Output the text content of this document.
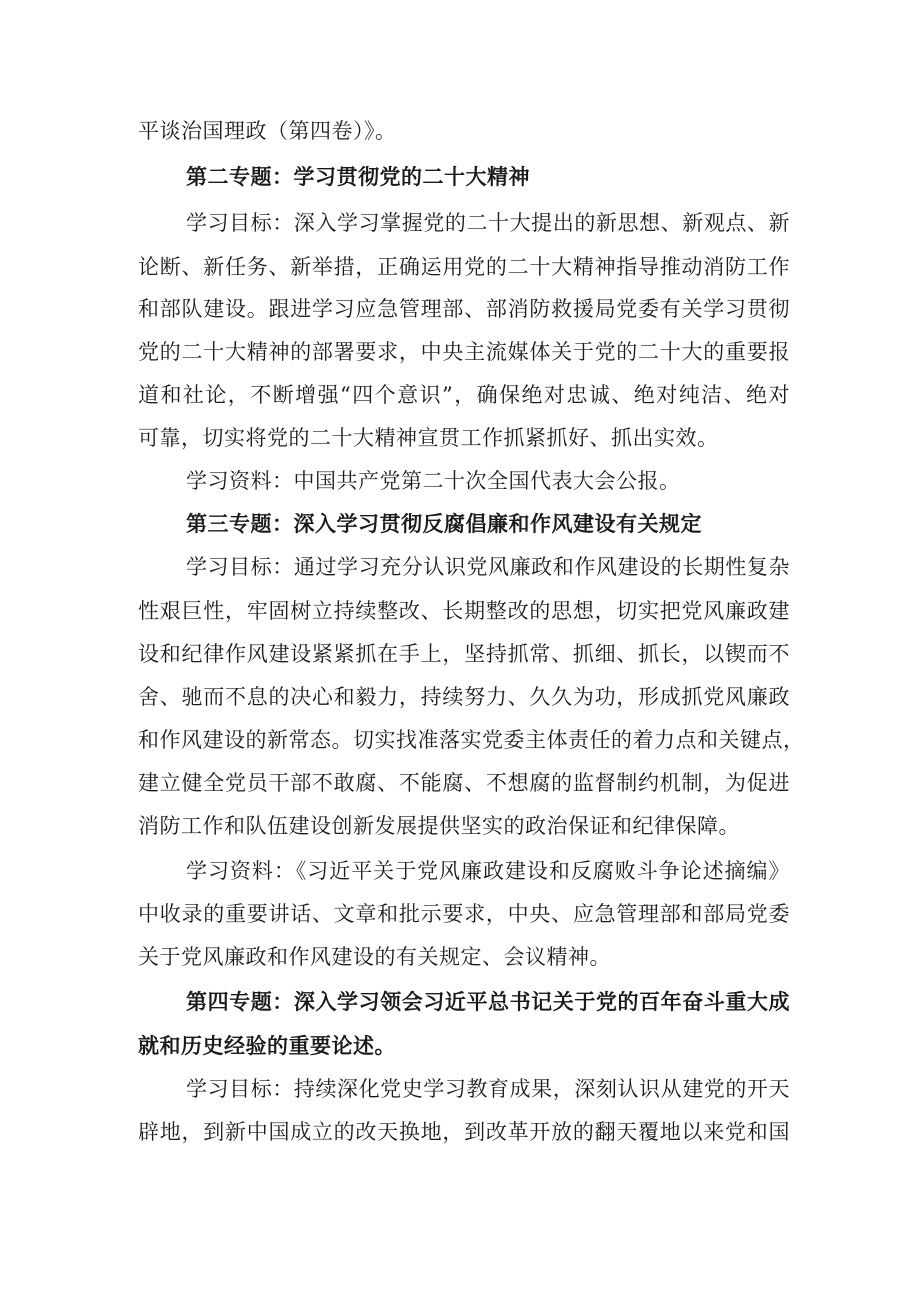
平谈治国理政（第四卷）》。
第二专题：学习贯彻党的二十大精神
学习目标：深入学习掌握党的二十大提出的新思想、新观点、新
论断、新任务、新举措，正确运用党的二十大精神指导推动消防工作
和部队建设。跟进学习应急管理部、部消防救援局党委有关学习贯彻
党的二十大精神的部署要求，中央主流媒体关于党的二十大的重要报
道和社论，不断增强“四个意识”，确保绝对忠诚、绝对纯洁、绝对
可靠，切实将党的二十大精神宣贯工作抓紧抓好、抓出实效。
学习资料：中国共产党第二十次全国代表大会公报。
第三专题：深入学习贯彻反腐倡廉和作风建设有关规定
学习目标：通过学习充分认识党风廉政和作风建设的长期性复杂
性艰巨性，牢固树立持续整改、长期整改的思想，切实把党风廉政建
设和纪律作风建设紧紧抓在手上，坚持抓常、抓细、抓长，以锲而不
舍、驰而不息的决心和毅力，持续努力、久久为功，形成抓党风廉政
和作风建设的新常态。切实找准落实党委主体责任的着力点和关键点，
建立健全党员干部不敢腐、不能腐、不想腐的监督制约机制，为促进
消防工作和队伍建设创新发展提供坚实的政治保证和纪律保障。
学习资料：《习近平关于党风廉政建设和反腐败斗争论述摘编》
中收录的重要讲话、文章和批示要求，中央、应急管理部和部局党委
关于党风廉政和作风建设的有关规定、会议精神。
第四专题：深入学习领会习近平总书记关于党的百年奋斗重大成
就和历史经验的重要论述。
学习目标：持续深化党史学习教育成果，深刻认识从建党的开天
辟地，到新中国成立的改天换地，到改革开放的翻天覆地以来党和国
